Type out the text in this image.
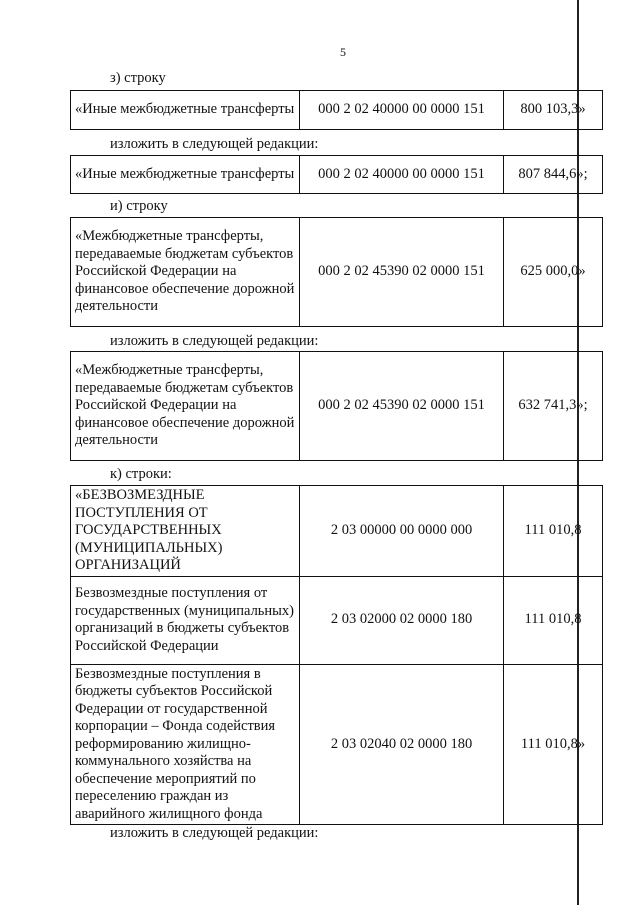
5
з) строку
«Иные межбюджетные трансферты	000 2 02 40000 00 0000 151	800 103,3»
изложить в следующей редакции:
«Иные межбюджетные трансферты	000 2 02 40000 00 0000 151	807 844,6»;
и) строку
«Межбюджетные трансферты, передаваемые бюджетам субъектов Российской Федерации на финансовое обеспечение дорожной деятельности	000 2 02 45390 02 0000 151	625 000,0»
изложить в следующей редакции:
«Межбюджетные трансферты, передаваемые бюджетам субъектов Российской Федерации на финансовое обеспечение дорожной деятельности	000 2 02 45390 02 0000 151	632 741,3»;
к) строки:
«БЕЗВОЗМЕЗДНЫЕ ПОСТУПЛЕНИЯ ОТ ГОСУДАРСТВЕННЫХ (МУНИЦИПАЛЬНЫХ) ОРГАНИЗАЦИЙ	2 03 00000 00 0000 000	111 010,8
Безвозмездные поступления от государственных (муниципальных) организаций в бюджеты субъектов Российской Федерации	2 03 02000 02 0000 180	111 010,8
Безвозмездные поступления в бюджеты субъектов Российской Федерации от государственной корпорации – Фонда содействия реформированию жилищно-коммунального хозяйства на обеспечение мероприятий по переселению граждан из аварийного жилищного фонда	2 03 02040 02 0000 180	111 010,8»
изложить в следующей редакции:
